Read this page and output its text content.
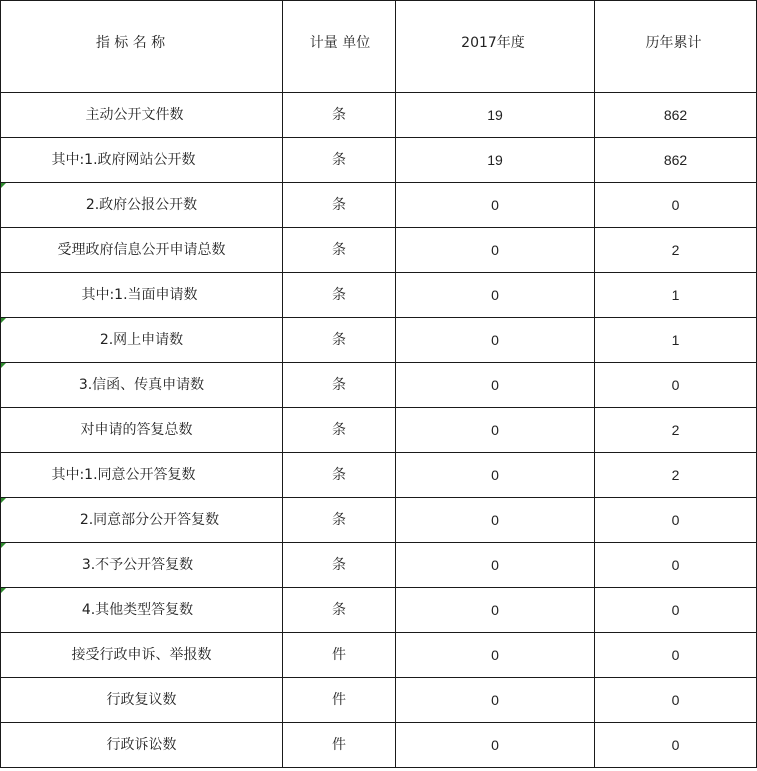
指 标 名 称	计量 单位	2017年度	历年累计
主动公开文件数	条	19	862
其中:1.政府网站公开数	条	19	862
2.政府公报公开数	条	0	0
受理政府信息公开申请总数	条	0	2
其中:1.当面申请数	条	0	1
2.网上申请数	条	0	1
3.信函、传真申请数	条	0	0
对申请的答复总数	条	0	2
其中:1.同意公开答复数	条	0	2
2.同意部分公开答复数	条	0	0
3.不予公开答复数	条	0	0
4.其他类型答复数	条	0	0
接受行政申诉、举报数	件	0	0
行政复议数	件	0	0
行政诉讼数	件	0	0
